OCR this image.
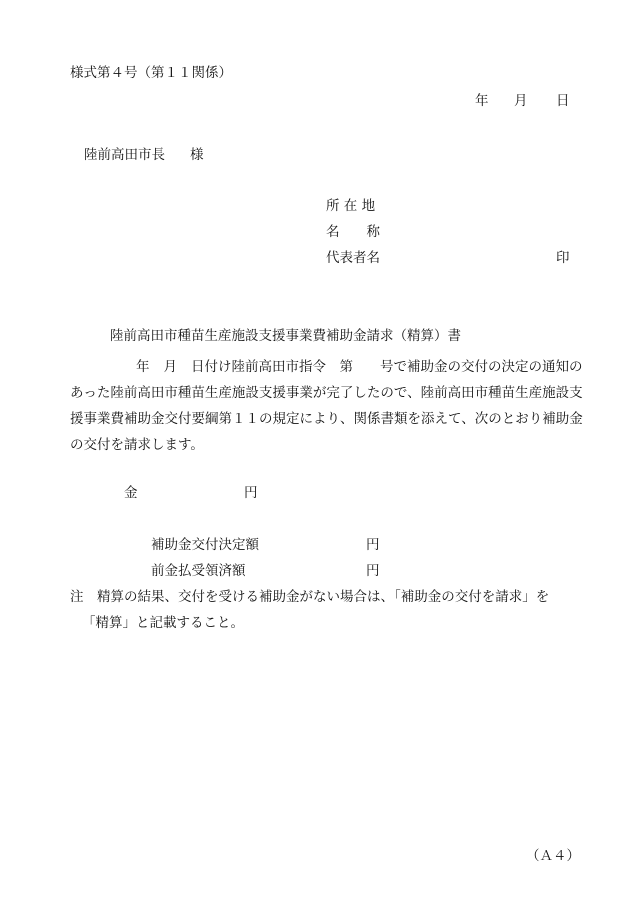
様式第４号（第１１関係）
年 月 日
陸前高田市長 様
所 在 地
名　　称
代表者名	印
陸前高田市種苗生産施設支援事業費補助金請求（精算）書
年 月 日付け陸前高田市指令　第　　号で補助金の交付の決定の通知の
あった陸前高田市種苗生産施設支援事業が完了したので、陸前高田市種苗生産施設支
援事業費補助金交付要綱第１１の規定により、関係書類を添えて、次のとおり補助金
の交付を請求します。
金	円
補助金交付決定額	円
前金払受領済額	円
注　精算の結果、交付を受ける補助金がない場合は、「補助金の交付を請求」を
「精算」と記載すること。
（Ａ４）
